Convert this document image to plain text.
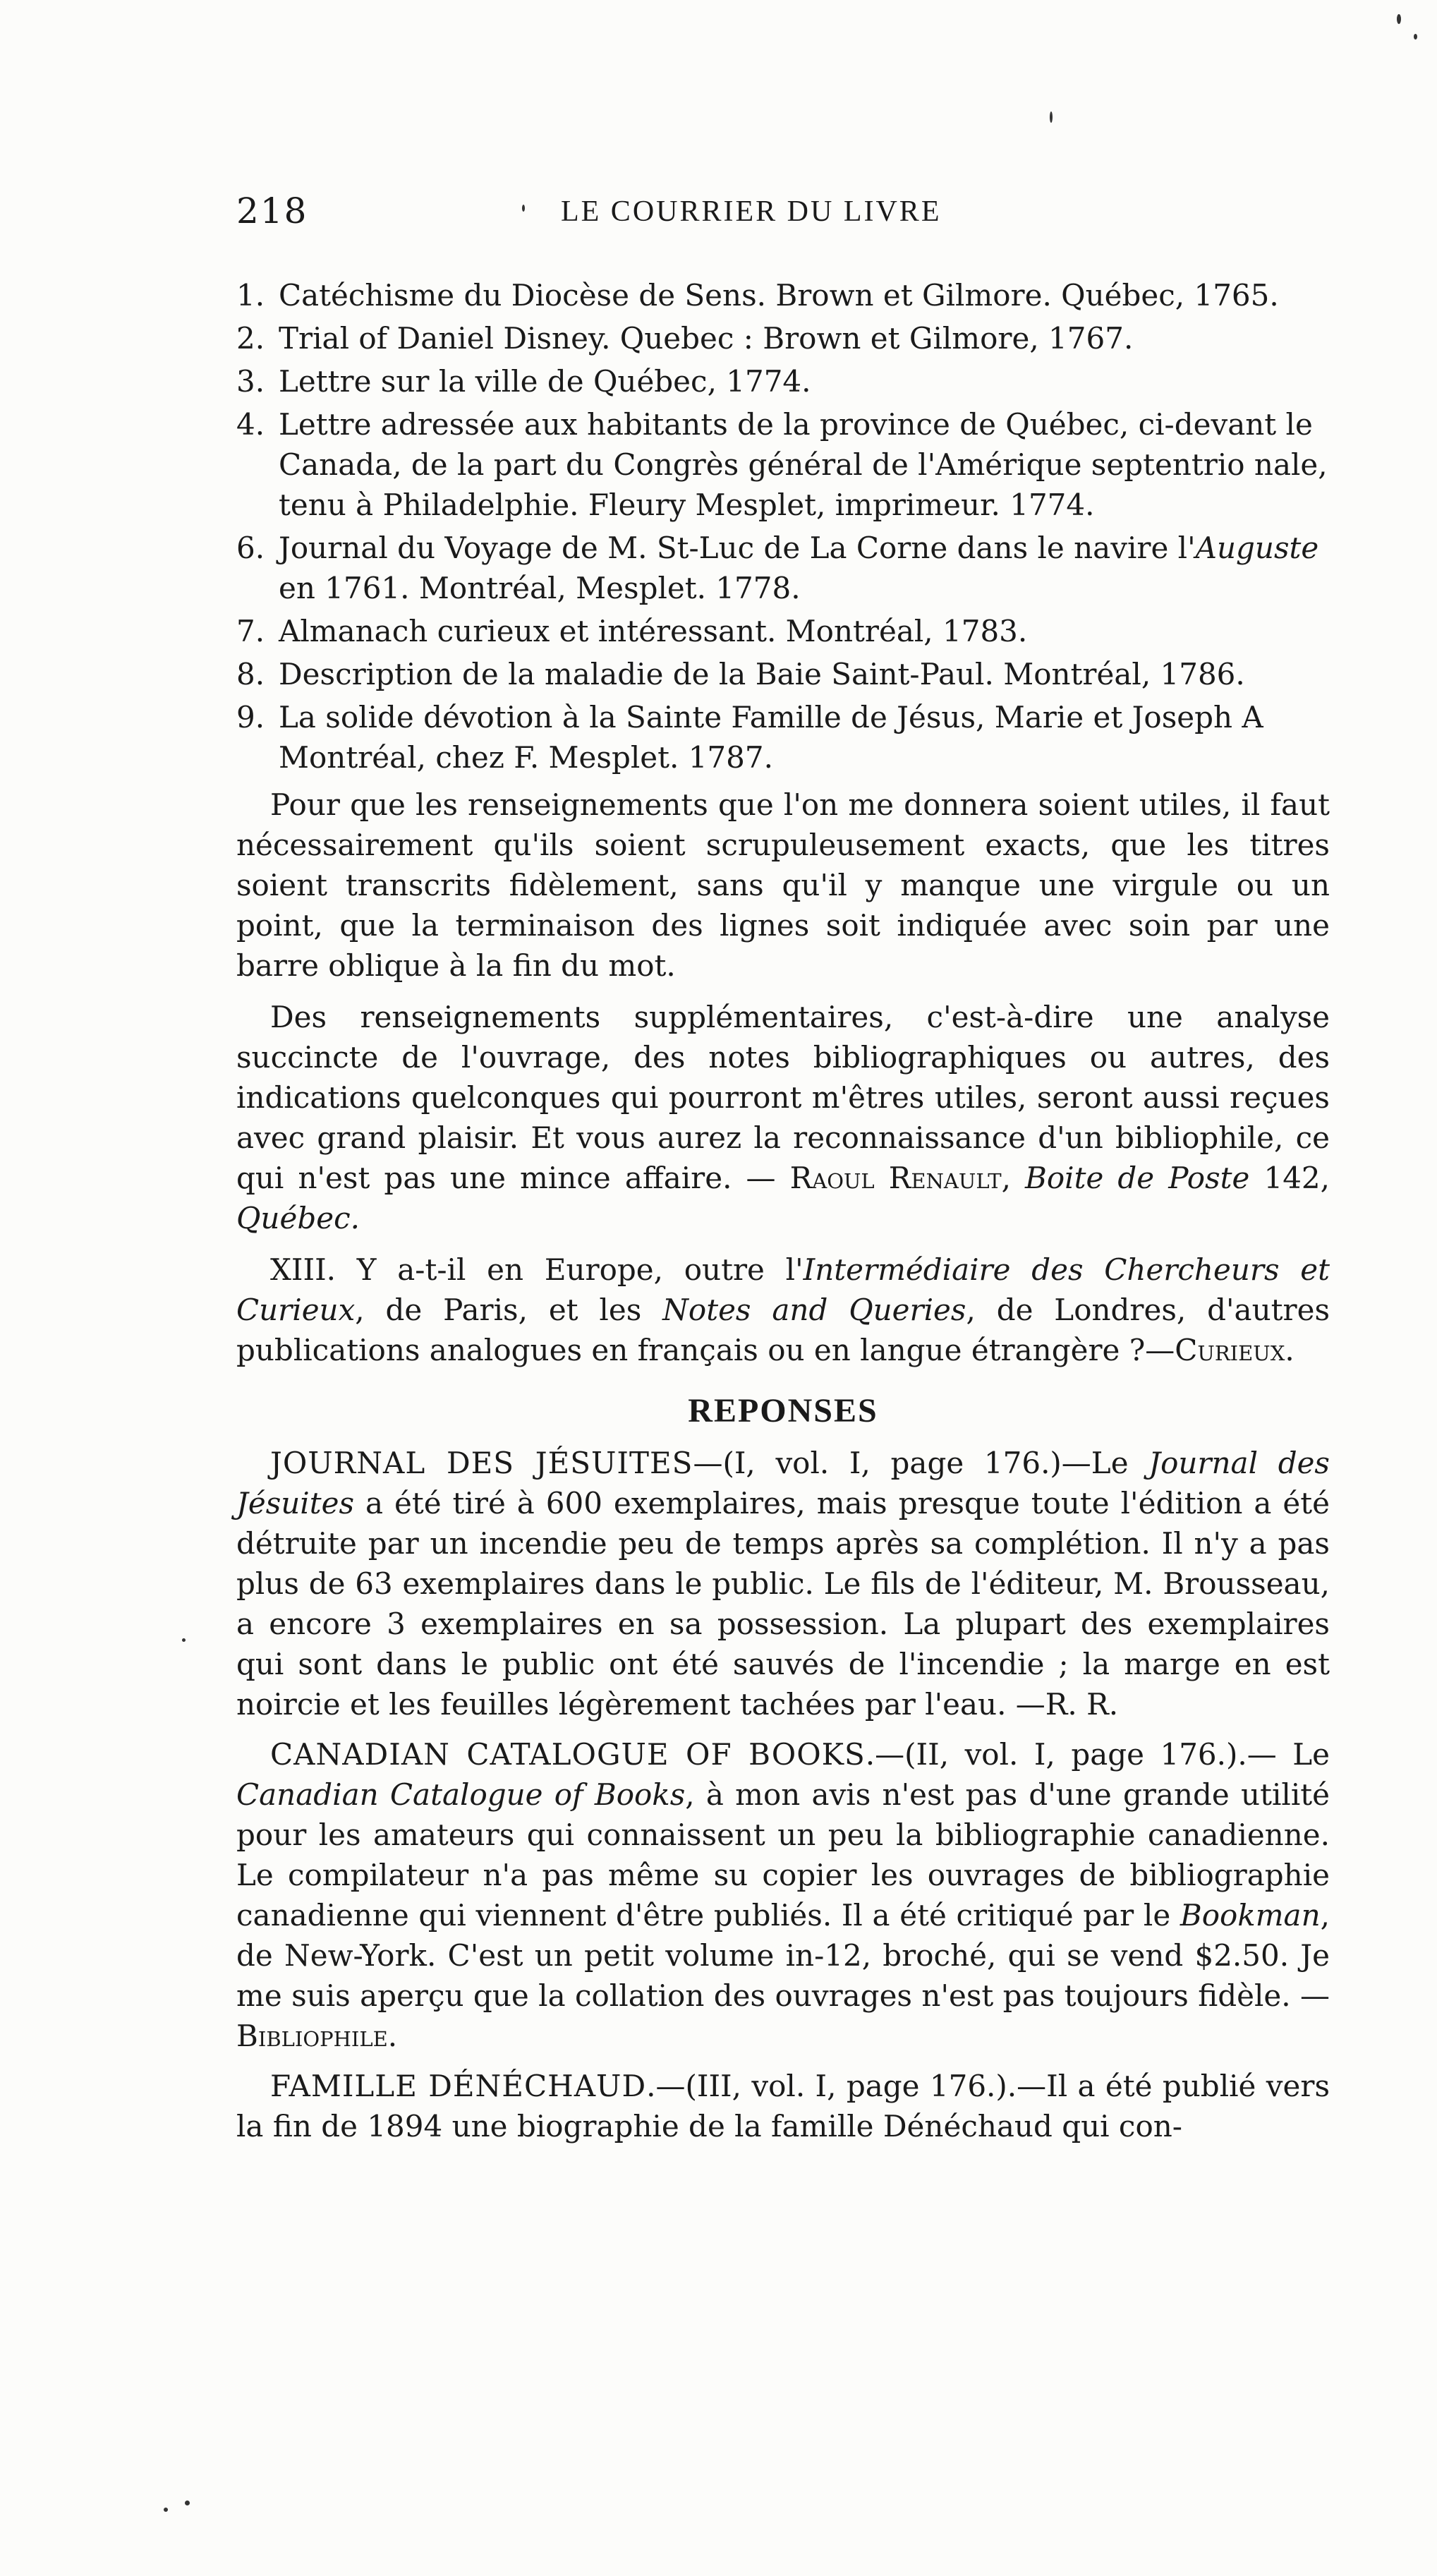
218	LE COURRIER DU LIVRE
1. Catéchisme du Diocèse de Sens. Brown et Gilmore. Québec, 1765.
2. Trial of Daniel Disney. Quebec : Brown et Gilmore, 1767.
3. Lettre sur la ville de Québec, 1774.
4. Lettre adressée aux habitants de la province de Québec, ci-devant le Canada, de la part du Congrès général de l'Amérique septentrio nale, tenu à Philadelphie. Fleury Mesplet, imprimeur. 1774.
6. Journal du Voyage de M. St-Luc de La Corne dans le navire l'Auguste en 1761. Montréal, Mesplet. 1778.
7. Almanach curieux et intéressant. Montréal, 1783.
8. Description de la maladie de la Baie Saint-Paul. Montréal, 1786.
9. La solide dévotion à la Sainte Famille de Jésus, Marie et Joseph A Montréal, chez F. Mesplet. 1787.

Pour que les renseignements que l'on me donnera soient utiles, il faut nécessairement qu'ils soient scrupuleusement exacts, que les titres soient transcrits fidèlement, sans qu'il y manque une virgule ou un point, que la terminaison des lignes soit indiquée avec soin par une barre oblique à la fin du mot.

Des renseignements supplémentaires, c'est-à-dire une analyse succincte de l'ouvrage, des notes bibliographiques ou autres, des indications quelconques qui pourront m'êtres utiles, seront aussi reçues avec grand plaisir. Et vous aurez la reconnaissance d'un bibliophile, ce qui n'est pas une mince affaire. — Raoul Renault, Boite de Poste 142, Québec.

XIII. Y a-t-il en Europe, outre l'Intermédiaire des Chercheurs et Curieux, de Paris, et les Notes and Queries, de Londres, d'autres publications analogues en français ou en langue étrangère ?—Curieux.

REPONSES

JOURNAL DES JÉSUITES—(I, vol. I, page 176.)—Le Journal des Jésuites a été tiré à 600 exemplaires, mais presque toute l'édition a été détruite par un incendie peu de temps après sa complétion. Il n'y a pas plus de 63 exemplaires dans le public. Le fils de l'éditeur, M. Brousseau, a encore 3 exemplaires en sa possession. La plupart des exemplaires qui sont dans le public ont été sauvés de l'incendie ; la marge en est noircie et les feuilles légèrement tachées par l'eau. —R. R.

CANADIAN CATALOGUE OF BOOKS.—(II, vol. I, page 176.).— Le Canadian Catalogue of Books, à mon avis n'est pas d'une grande utilité pour les amateurs qui connaissent un peu la bibliographie canadienne. Le compilateur n'a pas même su copier les ouvrages de bibliographie canadienne qui viennent d'être publiés. Il a été critiqué par le Bookman, de New-York. C'est un petit volume in-12, broché, qui se vend $2.50. Je me suis aperçu que la collation des ouvrages n'est pas toujours fidèle. — Bibliophile.

FAMILLE DÉNÉCHAUD.—(III, vol. I, page 176.).—Il a été publié vers la fin de 1894 une biographie de la famille Dénéchaud qui con-
